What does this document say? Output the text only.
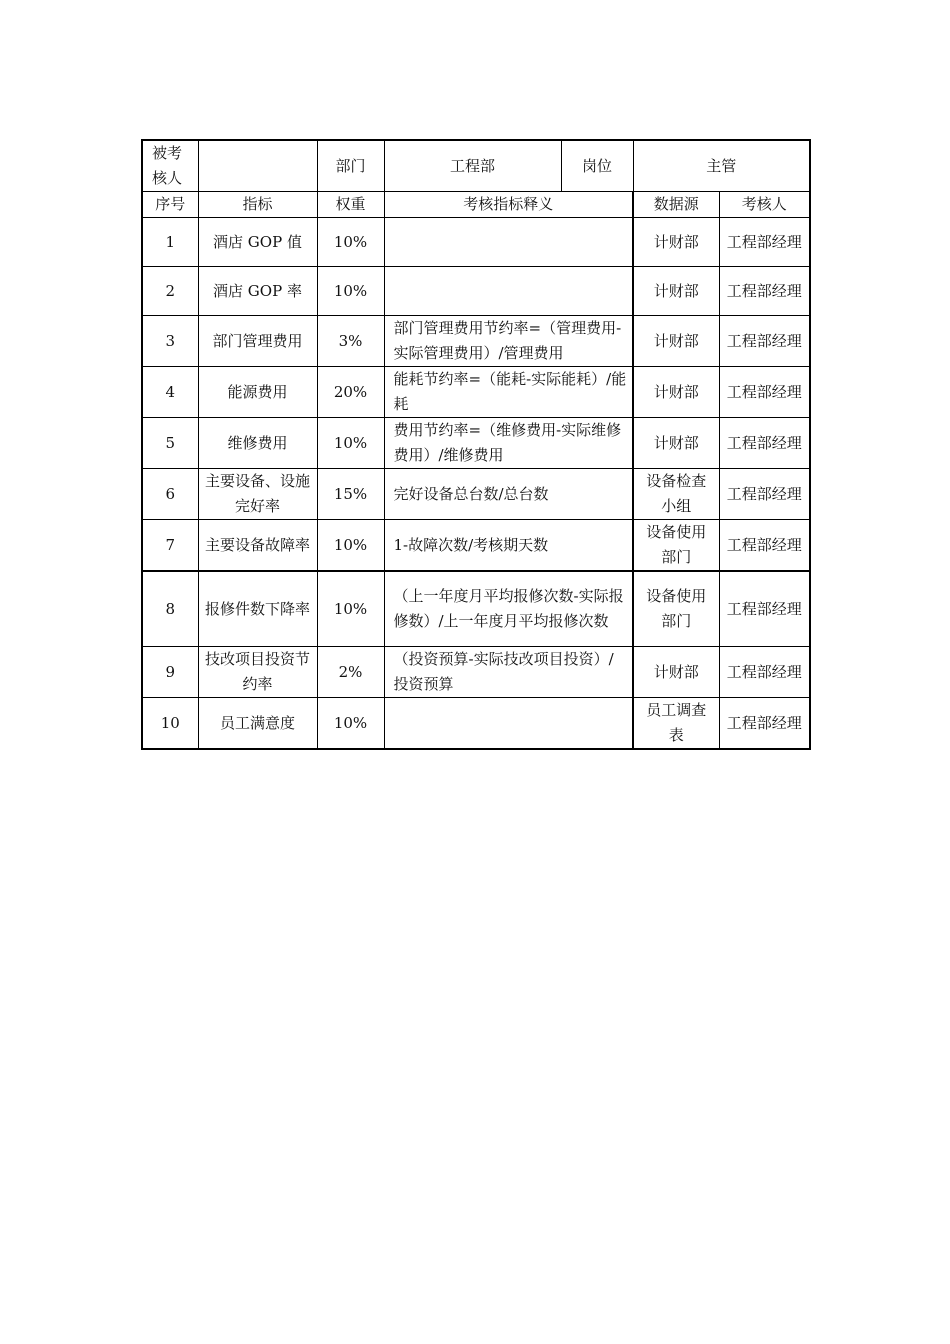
被考核人		部门	工程部	岗位	主管	
序号	指标	权重	考核指标释义		数据源	考核人
1	酒店 GOP 值	10%			计财部	工程部经理
2	酒店 GOP 率	10%			计财部	工程部经理
3	部门管理费用	3%	部门管理费用节约率=（管理费用-实际管理费用）/管理费用		计财部	工程部经理
4	能源费用	20%	能耗节约率=（能耗-实际能耗）/能耗		计财部	工程部经理
5	维修费用	10%	费用节约率=（维修费用-实际维修费用）/维修费用		计财部	工程部经理
6	主要设备、设施完好率	15%	完好设备总台数/总台数		设备检查小组	工程部经理
7	主要设备故障率	10%	1-故障次数/考核期天数		设备使用部门	工程部经理
8	报修件数下降率	10%	（上一年度月平均报修次数-实际报修数）/上一年度月平均报修次数		设备使用部门	工程部经理
9	技改项目投资节约率	2%	（投资预算-实际技改项目投资）/投资预算		计财部	工程部经理
10	员工满意度	10%			员工调查表	工程部经理
